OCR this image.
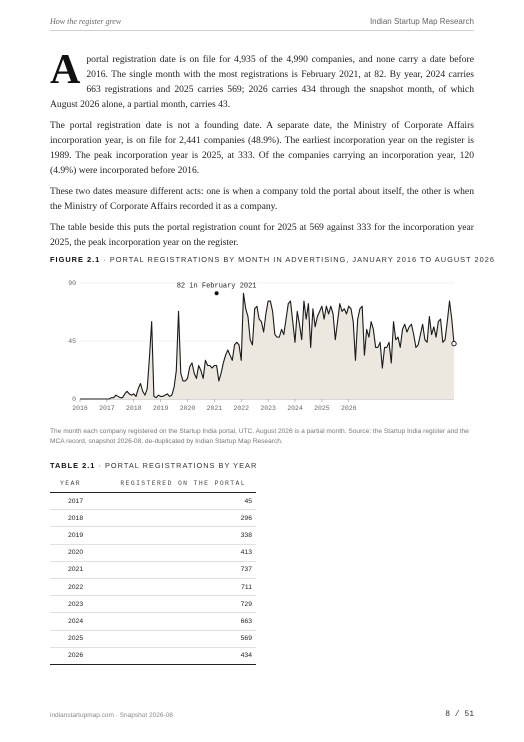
How the register grew	Indian Startup Map Research

Aportal registration date is on file for 4,935 of the 4,990 companies, and none carry a date before 2016. The single month with the most registrations is February 2021, at 82. By year, 2024 carries 663 registrations and 2025 carries 569; 2026 carries 434 through the snapshot month, of which August 2026 alone, a partial month, carries 43.

The portal registration date is not a founding date. A separate date, the Ministry of Corporate Affairs incorporation year, is on file for 2,441 companies (48.9%). The earliest incorporation year on the register is 1989. The peak incorporation year is 2025, at 333. Of the companies carrying an incorporation year, 120 (4.9%) were incorporated before 2016.

These two dates measure different acts: one is when a company told the portal about itself, the other is when the Ministry of Corporate Affairs recorded it as a company.

The table beside this puts the portal registration count for 2025 at 569 against 333 for the incorporation year 2025, the peak incorporation year on the register.

FIGURE 2.1 · PORTAL REGISTRATIONS BY MONTH IN ADVERTISING, JANUARY 2016 TO AUGUST 2026
0
45
90
2016 2017 2018 2019 2020 2021 2022 2023 2024 2025 2026
82 in February 2021
The month each company registered on the Startup India portal, UTC. August 2026 is a partial month. Source: the Startup India register and the MCA record, snapshot 2026-08, de-duplicated by Indian Startup Map Research.
TABLE 2.1 · PORTAL REGISTRATIONS BY YEAR
YEAR	REGISTERED ON THE PORTAL
2017	45
2018	296
2019	338
2020	413
2021	737
2022	711
2023	729
2024	663
2025	569
2026	434
indianstartupmap.com · Snapshot 2026-08	8 / 51
